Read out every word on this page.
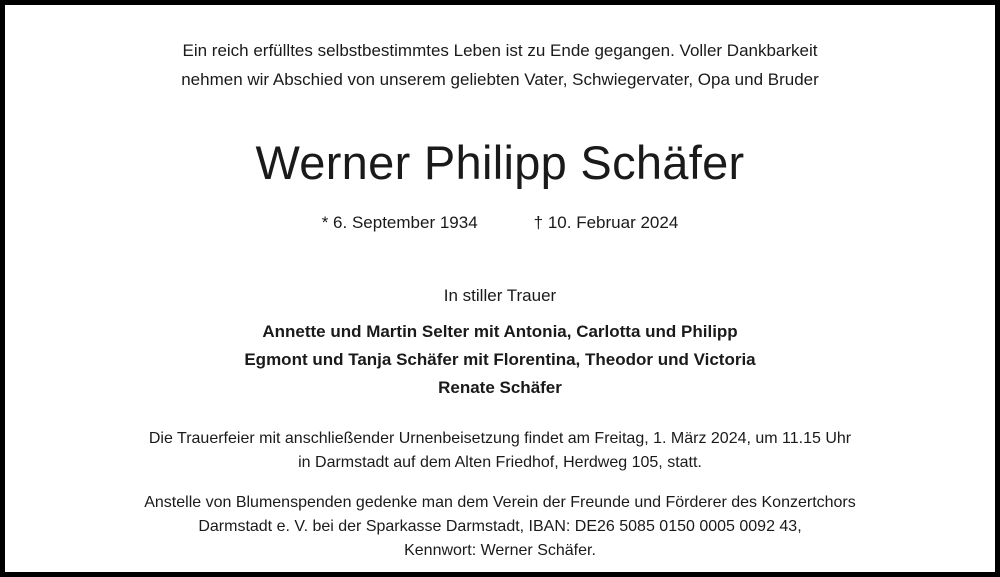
Ein reich erfülltes selbstbestimmtes Leben ist zu Ende gegangen. Voller Dankbarkeit
nehmen wir Abschied von unserem geliebten Vater, Schwiegervater, Opa und Bruder
Werner Philipp Schäfer
* 6. September 1934	† 10. Februar 2024
In stiller Trauer
Annette und Martin Selter mit Antonia, Carlotta und Philipp
Egmont und Tanja Schäfer mit Florentina, Theodor und Victoria
Renate Schäfer
Die Trauerfeier mit anschließender Urnenbeisetzung findet am Freitag, 1. März 2024, um 11.15 Uhr
in Darmstadt auf dem Alten Friedhof, Herdweg 105, statt.
Anstelle von Blumenspenden gedenke man dem Verein der Freunde und Förderer des Konzertchors
Darmstadt e. V. bei der Sparkasse Darmstadt, IBAN: DE26 5085 0150 0005 0092 43,
Kennwort: Werner Schäfer.
